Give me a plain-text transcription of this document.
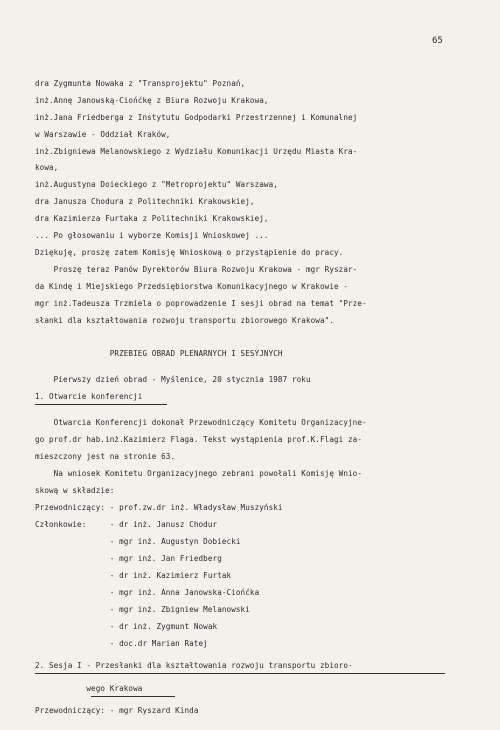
65
dra Zygmunta Nowaka z "Transprojektu" Poznań,
inż.Annę Janowską-Ciońćkę z Biura Rozwoju Krakowa,
inż.Jana Friedberga z Instytutu Godpodarki Przestrzennej i Komunalnej
w Warszawie - Oddział Kraków,
inż.Zbigniewa Melanowskiego z Wydziału Komunikacji Urzędu Miasta Kra-
kowa,
inż.Augustyna Doieckiego z "Metroprojektu" Warszawa,
dra Janusza Chodura z Politechniki Krakowskiej,
dra Kazimierza Furtaka z Politechniki Krakowskiej,
... Po głosowaniu i wyborze Komisji Wnioskowej ...
Dziękuję, proszę zatem Komisję Wnioskową o przystąpienie do pracy.
Proszę teraz Panów Dyrektorów Biura Rozwoju Krakowa - mgr Ryszar-
da Kindę i Miejskiego Przedsiębiorstwa Komunikacyjnego w Krakowie -
mgr inż.Tadeusza Trzmiela o poprowadzenie I sesji obrad na temat "Prze-
słanki dla kształtowania rozwoju transportu zbiorowego Krakowa".
PRZEBIEG OBRAD PLENARNYCH I SESYJNYCH
Pierwszy dzień obrad - Myślenice, 20 stycznia 1987 roku
1. Otwarcie konferencji
Otwarcia Konferencji dokonał Przewodniczący Komitetu Organizacyjne-
go prof.dr hab.inż.Kazimierz Flaga. Tekst wystąpienia prof.K.Flagi za-
mieszczony jest na stronie 63.
Na wniosek Komitetu Organizacyjnego zebrani powołali Komisję Wnio-
skową w składzie:
Przewodniczący: - prof.zw.dr inż. Władysław Muszyński
Członkowie:     - dr inż. Janusz Chodur
- mgr inż. Augustyn Dobiecki
- mgr inż. Jan Friedberg
- dr inż. Kazimierz Furtak
- mgr inż. Anna Janowska-Ciońćka
- mgr inż. Zbigniew Melanowski
- dr inż. Zygmunt Nowak
- doc.dr Marian Ratej
2. Sesja I - Przesłanki dla kształtowania rozwoju transportu zbioro-
wego Krakowa
Przewodniczący: - mgr Ryszard Kinda
